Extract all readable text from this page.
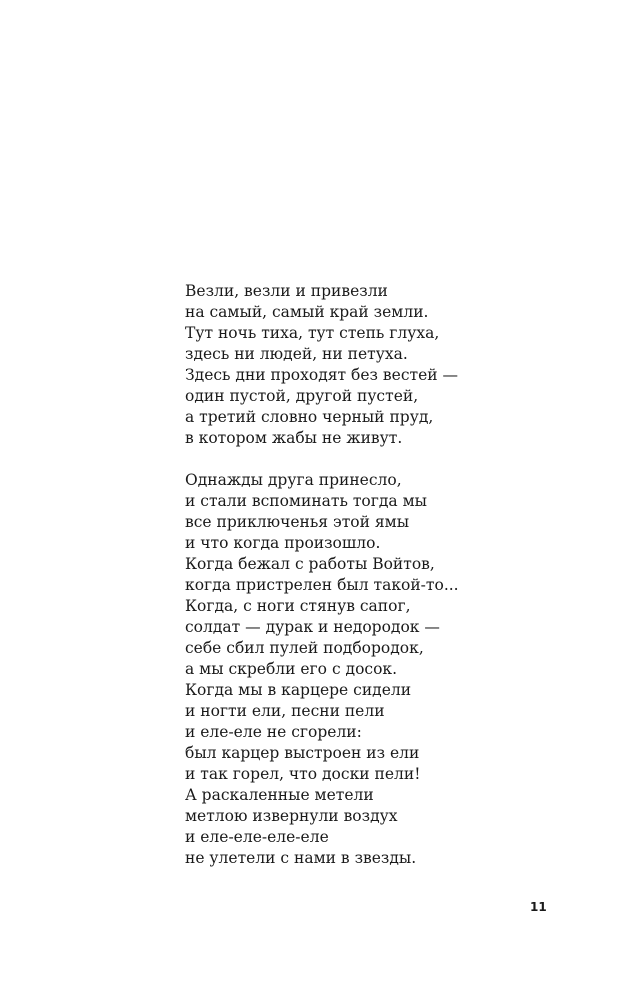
Везли, везли и привезли
на самый, самый край земли.
Тут ночь тиха, тут степь глуха,
здесь ни людей, ни петуха.
Здесь дни проходят без вестей —
один пустой, другой пустей,
а третий словно черный пруд,
в котором жабы не живут.

Однажды друга принесло,
и стали вспоминать тогда мы
все приключенья этой ямы
и что когда произошло.
Когда бежал с работы Войтов,
когда пристрелен был такой-то...
Когда, с ноги стянув сапог,
солдат — дурак и недородок —
себе сбил пулей подбородок,
а мы скребли его с досок.
Когда мы в карцере сидели
и ногти ели, песни пели
и еле-еле не сгорели:
был карцер выстроен из ели
и так горел, что доски пели!
А раскаленные метели
метлою извернули воздух
и еле-еле-еле-еле
не улетели с нами в звезды.

11
